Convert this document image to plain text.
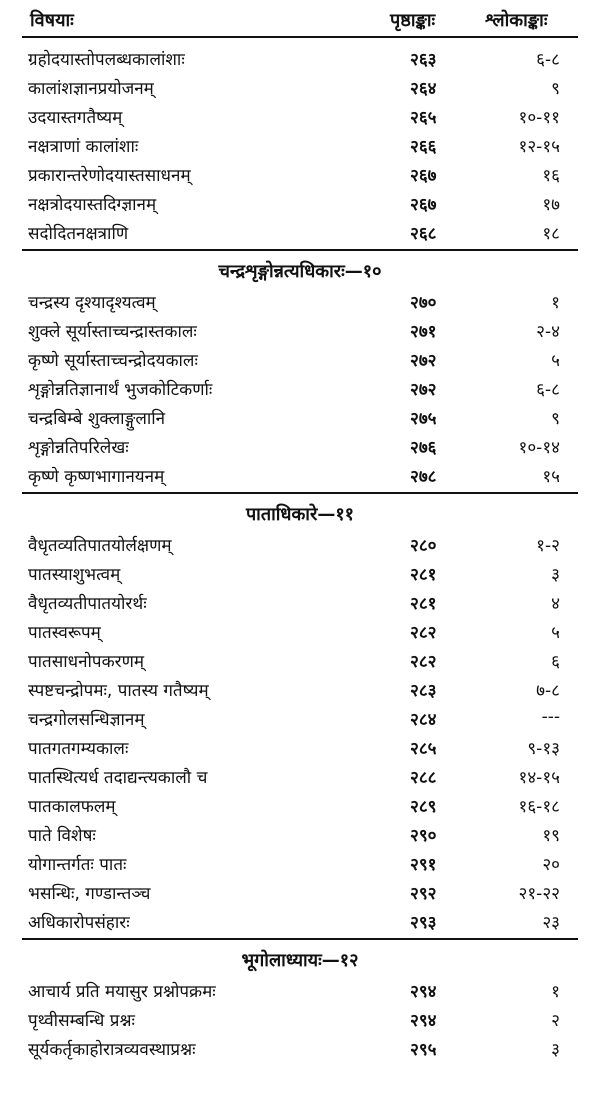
विषयाः	पृष्ठाङ्काः	श्लोकाङ्काः
ग्रहोदयास्तोपलब्धकालांशाः	२६३	६-८
कालांशज्ञानप्रयोजनम्	२६४	९
उदयास्तगतैष्यम्	२६५	१०-११
नक्षत्राणां कालांशाः	२६६	१२-१५
प्रकारान्तरेणोदयास्तसाधनम्	२६७	१६
नक्षत्रोदयास्तदिग्ज्ञानम्	२६७	१७
सदोदितनक्षत्राणि	२६८	१८
चन्द्रशृङ्गोन्नत्यधिकारः—१०
चन्द्रस्य दृश्यादृश्यत्वम्	२७०	१
शुक्ले सूर्यास्ताच्चन्द्रास्तकालः	२७१	२-४
कृष्णे सूर्यास्ताच्चन्द्रोदयकालः	२७२	५
शृङ्गोन्नतिज्ञानार्थं भुजकोटिकर्णाः	२७२	६-८
चन्द्रबिम्बे शुक्लाङ्गुलानि	२७५	९
शृङ्गोन्नतिपरिलेखः	२७६	१०-१४
कृष्णे कृष्णभागानयनम्	२७८	१५
पाताधिकारे—११
वैधृतव्यतिपातयोर्लक्षणम्	२८०	१-२
पातस्याशुभत्वम्	२८१	३
वैधृतव्यतीपातयोरर्थः	२८१	४
पातस्वरूपम्	२८२	५
पातसाधनोपकरणम्	२८२	६
स्पष्टचन्द्रोपमः, पातस्य गतैष्यम्	२८३	७-८
चन्द्रगोलसन्धिज्ञानम्	२८४	---
पातगतगम्यकालः	२८५	९-१३
पातस्थित्यर्ध तदाद्यन्त्यकालौ च	२८८	१४-१५
पातकालफलम्	२८९	१६-१८
पाते विशेषः	२९०	१९
योगान्तर्गतः पातः	२९१	२०
भसन्धिः, गण्डान्तञ्च	२९२	२१-२२
अधिकारोपसंहारः	२९३	२३
भूगोलाध्यायः—१२
आचार्य प्रति मयासुर प्रश्नोपक्रमः	२९४	१
पृथ्वीसम्बन्धि प्रश्नः	२९४	२
सूर्यकर्तृकाहोरात्रव्यवस्थाप्रश्नः	२९५	३
